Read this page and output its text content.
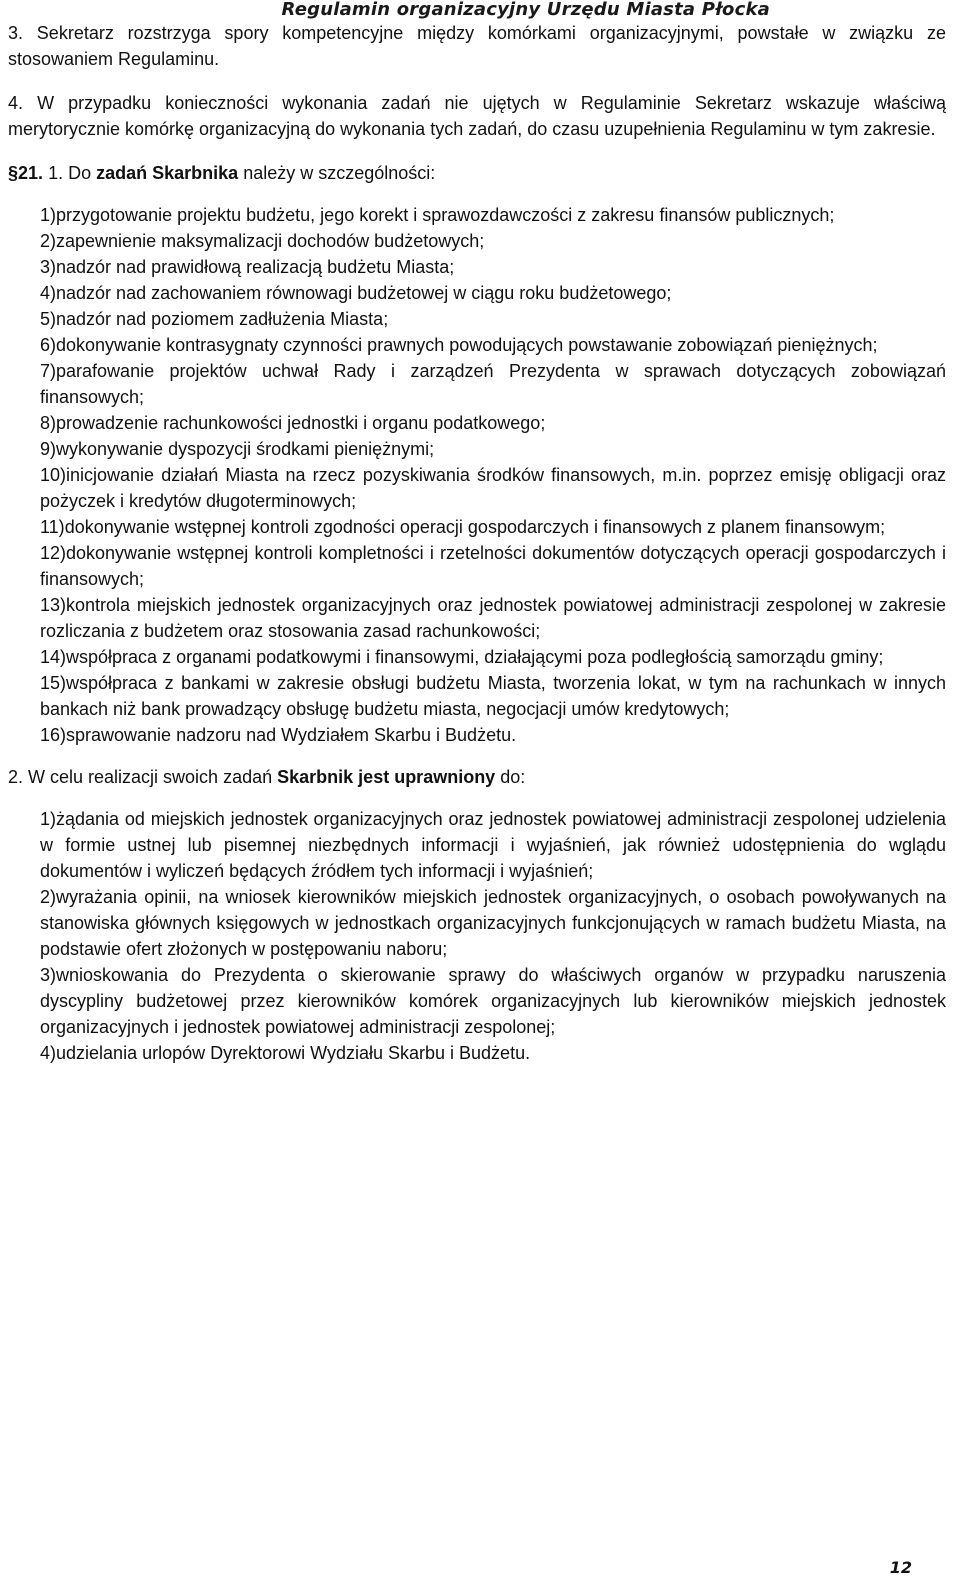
Regulamin organizacyjny Urzędu Miasta Płocka

3. Sekretarz rozstrzyga spory kompetencyjne między komórkami organizacyjnymi, powstałe w związku ze stosowaniem Regulaminu.

4. W przypadku konieczności wykonania zadań nie ujętych w Regulaminie Sekretarz wskazuje właściwą merytorycznie komórkę organizacyjną do wykonania tych zadań, do czasu uzupełnienia Regulaminu w tym zakresie.

§21. 1. Do zadań Skarbnika należy w szczególności:

1)przygotowanie projektu budżetu, jego korekt i sprawozdawczości z zakresu finansów publicznych;
2)zapewnienie maksymalizacji dochodów budżetowych;
3)nadzór nad prawidłową realizacją budżetu Miasta;
4)nadzór nad zachowaniem równowagi budżetowej w ciągu roku budżetowego;
5)nadzór nad poziomem zadłużenia Miasta;
6)dokonywanie kontrasygnaty czynności prawnych powodujących powstawanie zobowiązań pieniężnych;
7)parafowanie projektów uchwał Rady i zarządzeń Prezydenta w sprawach dotyczących zobowiązań finansowych;
8)prowadzenie rachunkowości jednostki i organu podatkowego;
9)wykonywanie dyspozycji środkami pieniężnymi;
10)inicjowanie działań Miasta na rzecz pozyskiwania środków finansowych, m.in. poprzez emisję obligacji oraz pożyczek i kredytów długoterminowych;
11)dokonywanie wstępnej kontroli zgodności operacji gospodarczych i finansowych z planem finansowym;
12)dokonywanie wstępnej kontroli kompletności i rzetelności dokumentów dotyczących operacji gospodarczych i finansowych;
13)kontrola miejskich jednostek organizacyjnych oraz jednostek powiatowej administracji zespolonej w zakresie rozliczania z budżetem oraz stosowania zasad rachunkowości;
14)współpraca z organami podatkowymi i finansowymi, działającymi poza podległością samorządu gminy;
15)współpraca z bankami w zakresie obsługi budżetu Miasta, tworzenia lokat, w tym na rachunkach w innych bankach niż bank prowadzący obsługę budżetu miasta, negocjacji umów kredytowych;
16)sprawowanie nadzoru nad Wydziałem Skarbu i Budżetu.

2. W celu realizacji swoich zadań Skarbnik jest uprawniony do:

1)żądania od miejskich jednostek organizacyjnych oraz jednostek powiatowej administracji zespolonej udzielenia w formie ustnej lub pisemnej niezbędnych informacji i wyjaśnień, jak również udostępnienia do wglądu dokumentów i wyliczeń będących źródłem tych informacji i wyjaśnień;
2)wyrażania opinii, na wniosek kierowników miejskich jednostek organizacyjnych, o osobach powoływanych na stanowiska głównych księgowych w jednostkach organizacyjnych funkcjonujących w ramach budżetu Miasta, na podstawie ofert złożonych w postępowaniu naboru;
3)wnioskowania do Prezydenta o skierowanie sprawy do właściwych organów w przypadku naruszenia dyscypliny budżetowej przez kierowników komórek organizacyjnych lub kierowników miejskich jednostek organizacyjnych i jednostek powiatowej administracji zespolonej;
4)udzielania urlopów Dyrektorowi Wydziału Skarbu i Budżetu.
12
